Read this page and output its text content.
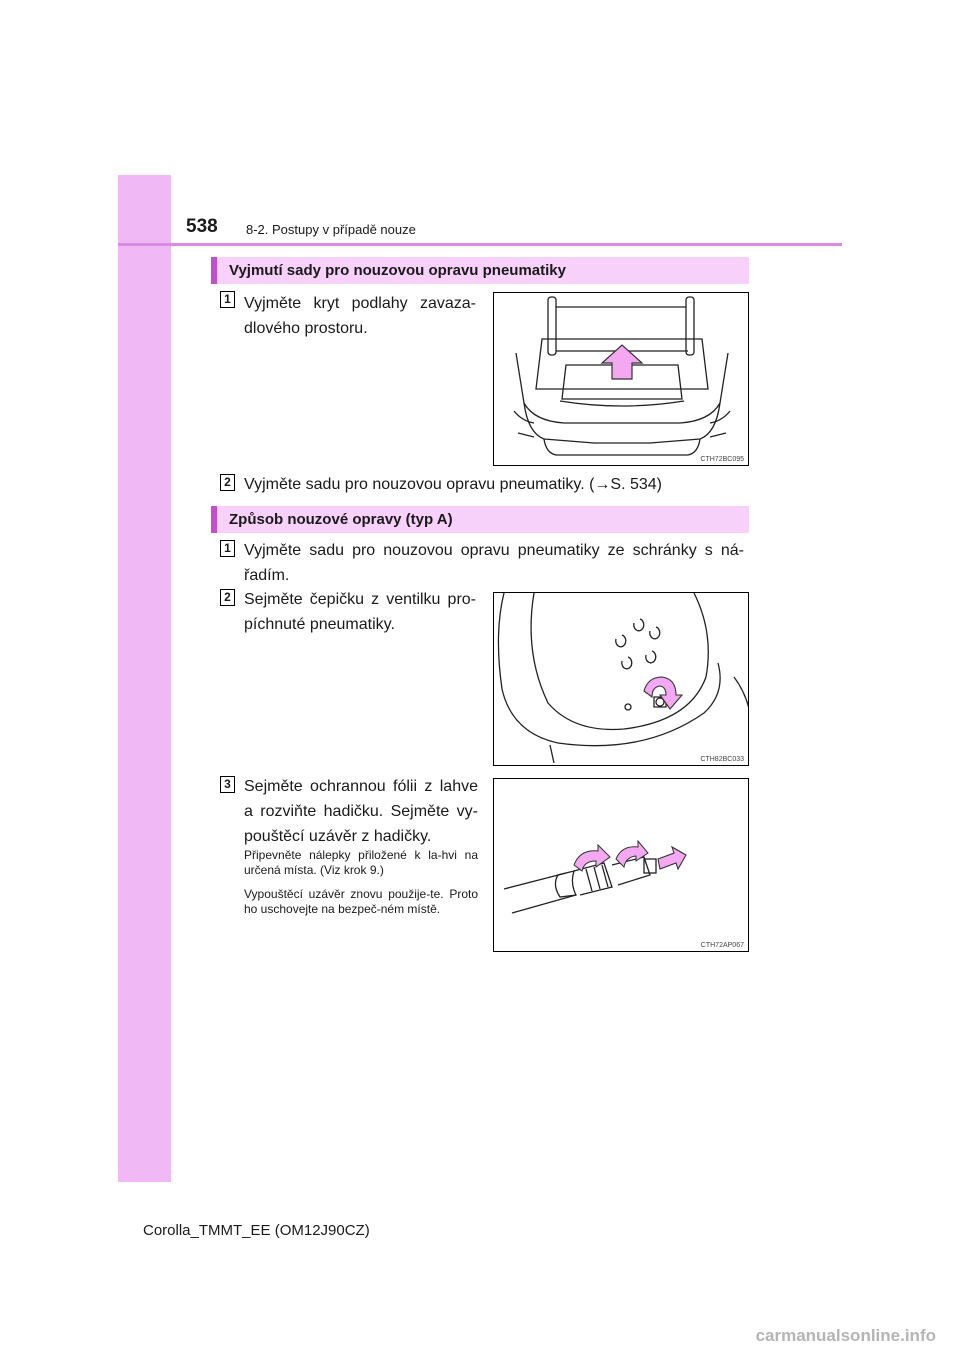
538 8-2. Postupy v případě nouze
Vyjmutí sady pro nouzovou opravu pneumatiky
1 Vyjměte kryt podlahy zavaza-dlového prostoru.
CTH72BC095
2 Vyjměte sadu pro nouzovou opravu pneumatiky. (→S. 534)
Způsob nouzové opravy (typ A)
1 Vyjměte sadu pro nouzovou opravu pneumatiky ze schránky s ná-řadím.
2 Sejměte čepičku z ventilku pro-píchnuté pneumatiky.
CTH82BC033
3 Sejměte ochrannou fólii z lahve a rozviňte hadičku. Sejměte vy-pouštěcí uzávěr z hadičky.
Připevněte nálepky přiložené k la-hvi na určená místa. (Viz krok 9.)
Vypouštěcí uzávěr znovu použije-te. Proto ho uschovejte na bezpeč-ném místě.
CTH72AP067
Corolla_TMMT_EE (OM12J90CZ)
carmanualsonline.info
